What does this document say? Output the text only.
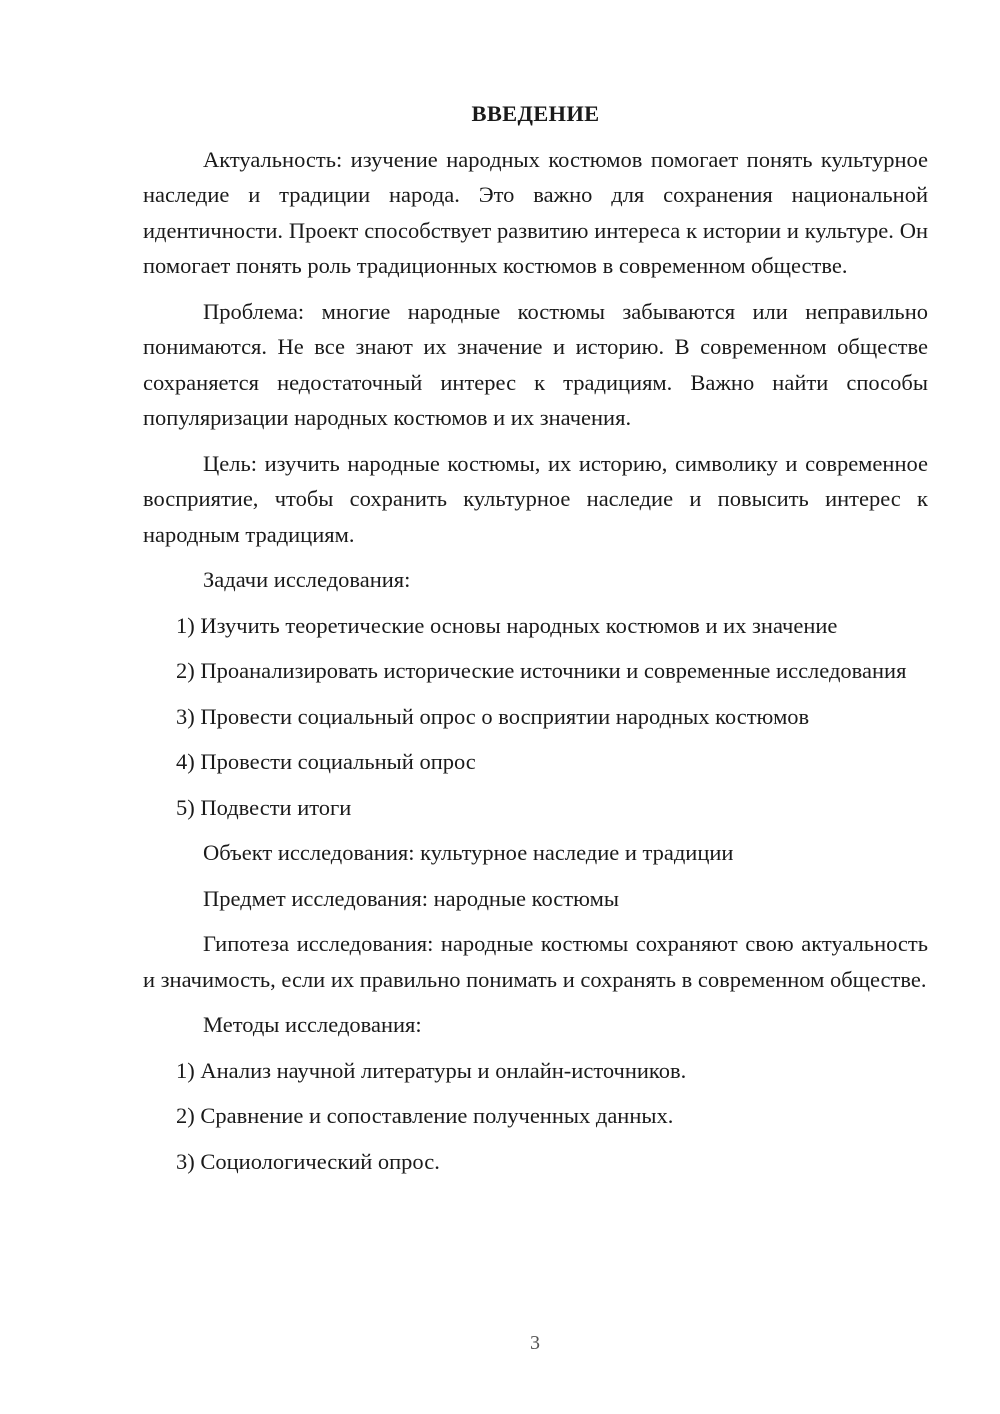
ВВЕДЕНИЕ

Актуальность: изучение народных костюмов помогает понять культурное наследие и традиции народа. Это важно для сохранения национальной идентичности. Проект способствует развитию интереса к истории и культуре. Он помогает понять роль традиционных костюмов в современном обществе.

Проблема: многие народные костюмы забываются или неправильно понимаются. Не все знают их значение и историю. В современном обществе сохраняется недостаточный интерес к традициям. Важно найти способы популяризации народных костюмов и их значения.

Цель: изучить народные костюмы, их историю, символику и современное восприятие, чтобы сохранить культурное наследие и повысить интерес к народным традициям.

Задачи исследования:

1) Изучить теоретические основы народных костюмов и их значение

2) Проанализировать исторические источники и современные исследования

3) Провести социальный опрос о восприятии народных костюмов

4) Провести социальный опрос

5) Подвести итоги

Объект исследования: культурное наследие и традиции

Предмет исследования: народные костюмы

Гипотеза исследования: народные костюмы сохраняют свою актуальность и значимость, если их правильно понимать и сохранять в современном обществе.

Методы исследования:

1) Анализ научной литературы и онлайн-источников.

2) Сравнение и сопоставление полученных данных.

3) Социологический опрос.

3
